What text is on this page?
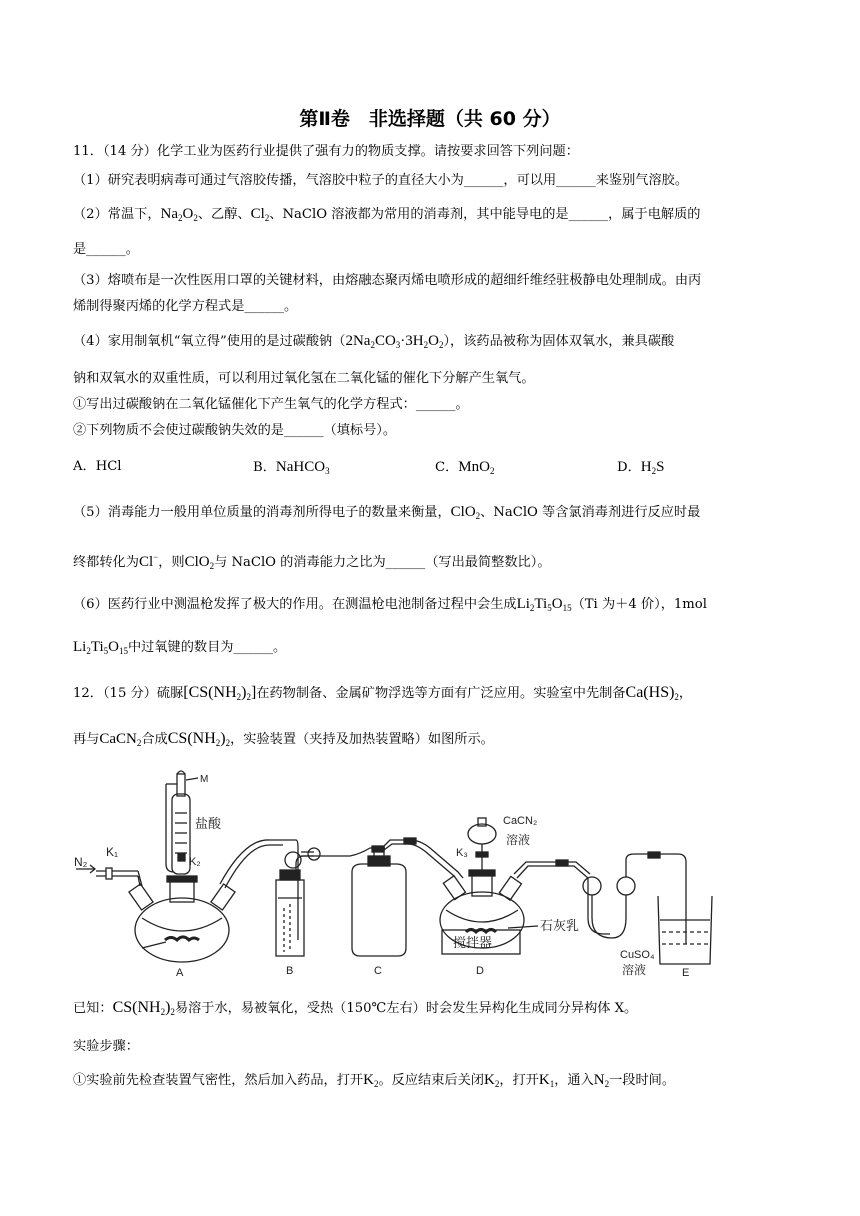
第Ⅱ卷　非选择题（共 60 分）
11．（14 分）化学工业为医药行业提供了强有力的物质支撑。请按要求回答下列问题：
（1）研究表明病毒可通过气溶胶传播，气溶胶中粒子的直径大小为______，可以用______来鉴别气溶胶。
（2）常温下，$Na_2O_2$、乙醇、$Cl_2$、NaClO 溶液都为常用的消毒剂，其中能导电的是______，属于电解质的
是______。
（3）熔喷布是一次性医用口罩的关键材料，由熔融态聚丙烯电喷形成的超细纤维经驻极静电处理制成。由丙
烯制得聚丙烯的化学方程式是______。
（4）家用制氧机“氧立得”使用的是过碳酸钠$(2Na_2CO_3\cdot 3H_2O_2)$，该药品被称为固体双氧水，兼具碳酸
钠和双氧水的双重性质，可以利用过氧化氢在二氧化锰的催化下分解产生氧气。
①写出过碳酸钠在二氧化锰催化下产生氧气的化学方程式：______。
②下列物质不会使过碳酸钠失效的是______（填标号）。
A．HCl	B．NaHCO$_3$	C．MnO$_2$	D．$H_2S$
（5）消毒能力一般用单位质量的消毒剂所得电子的数量来衡量，ClO$_2$、NaClO 等含氯消毒剂进行反应时最
终都转化为Cl−，则ClO$_2$与 NaClO 的消毒能力之比为______（写出最简整数比）。
（6）医药行业中测温枪发挥了极大的作用。在测温枪电池制备过程中会生成$Li_2Ti_5O_{15}(Ti$ 为＋4 价），1mol
$Li_2Ti_5O_{15}$中过氧键的数目为______。
12．（15 分）硫脲$[CS(NH_2)_2]$在药物制备、金属矿物浮选等方面有广泛应用。实验室中先制备$Ca(HS)_2$，
再与CaCN$_2$合成$CS(NH_2)_2$，实验装置（夹持及加热装置略）如图所示。
N₂
K₁
A
M
盐酸
K₂
B	C
石灰乳
K₃
CaCN₂
溶液
搅拌器
D
CuSO₄
溶液	E
已知：$CS(NH_2)_2$易溶于水，易被氧化，受热（150℃左右）时会发生异构化生成同分异构体 X。
实验步骤：
①实验前先检查装置气密性，然后加入药品，打开$K_2$。反应结束后关闭$K_2$，打开$K_1$，通入$N_2$一段时间。
